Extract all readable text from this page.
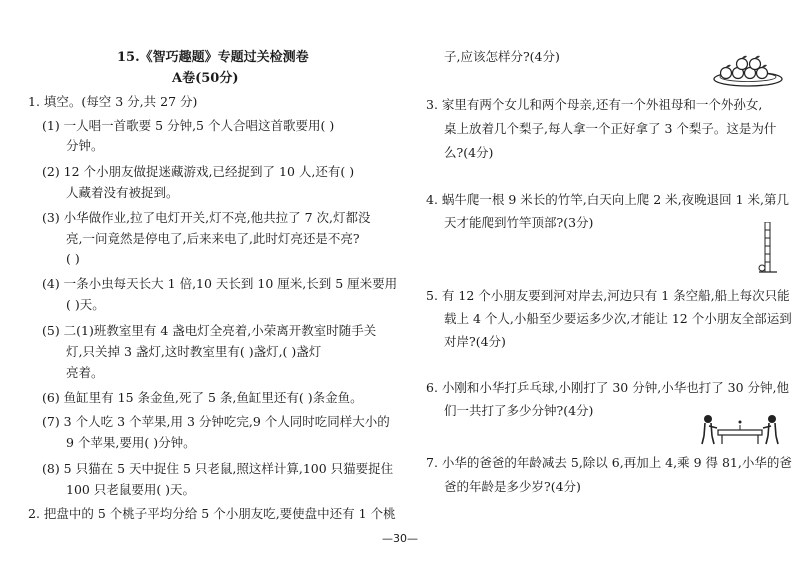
15.《智巧趣题》专题过关检测卷
A卷(50分)
1. 填空。(每空 3 分,共 27 分)
(1) 一人唱一首歌要 5 分钟,5 个人合唱这首歌要用( )
分钟。
(2) 12 个小朋友做捉迷藏游戏,已经捉到了 10 人,还有( )
人藏着没有被捉到。
(3) 小华做作业,拉了电灯开关,灯不亮,他共拉了 7 次,灯都没
亮,一问竟然是停电了,后来来电了,此时灯亮还是不亮?
( )
(4) 一条小虫每天长大 1 倍,10 天长到 10 厘米,长到 5 厘米要用
( )天。
(5) 二(1)班教室里有 4 盏电灯全亮着,小荣离开教室时随手关
灯,只关掉 3 盏灯,这时教室里有( )盏灯,( )盏灯
亮着。
(6) 鱼缸里有 15 条金鱼,死了 5 条,鱼缸里还有( )条金鱼。
(7) 3 个人吃 3 个苹果,用 3 分钟吃完,9 个人同时吃同样大小的
9 个苹果,要用( )分钟。
(8) 5 只猫在 5 天中捉住 5 只老鼠,照这样计算,100 只猫要捉住
100 只老鼠要用( )天。
2. 把盘中的 5 个桃子平均分给 5 个小朋友吃,要使盘中还有 1 个桃
子,应该怎样分?(4分)
3. 家里有两个女儿和两个母亲,还有一个外祖母和一个外孙女,
桌上放着几个梨子,每人拿一个正好拿了 3 个梨子。这是为什
么?(4分)
4. 蜗牛爬一根 9 米长的竹竿,白天向上爬 2 米,夜晚退回 1 米,第几
天才能爬到竹竿顶部?(3分)
5. 有 12 个小朋友要到河对岸去,河边只有 1 条空船,船上每次只能
载上 4 个人,小船至少要运多少次,才能让 12 个小朋友全部运到
对岸?(4分)
6. 小刚和小华打乒乓球,小刚打了 30 分钟,小华也打了 30 分钟,他
们一共打了多少分钟?(4分)
7. 小华的爸爸的年龄减去 5,除以 6,再加上 4,乘 9 得 81,小华的爸
爸的年龄是多少岁?(4分)
—30—
